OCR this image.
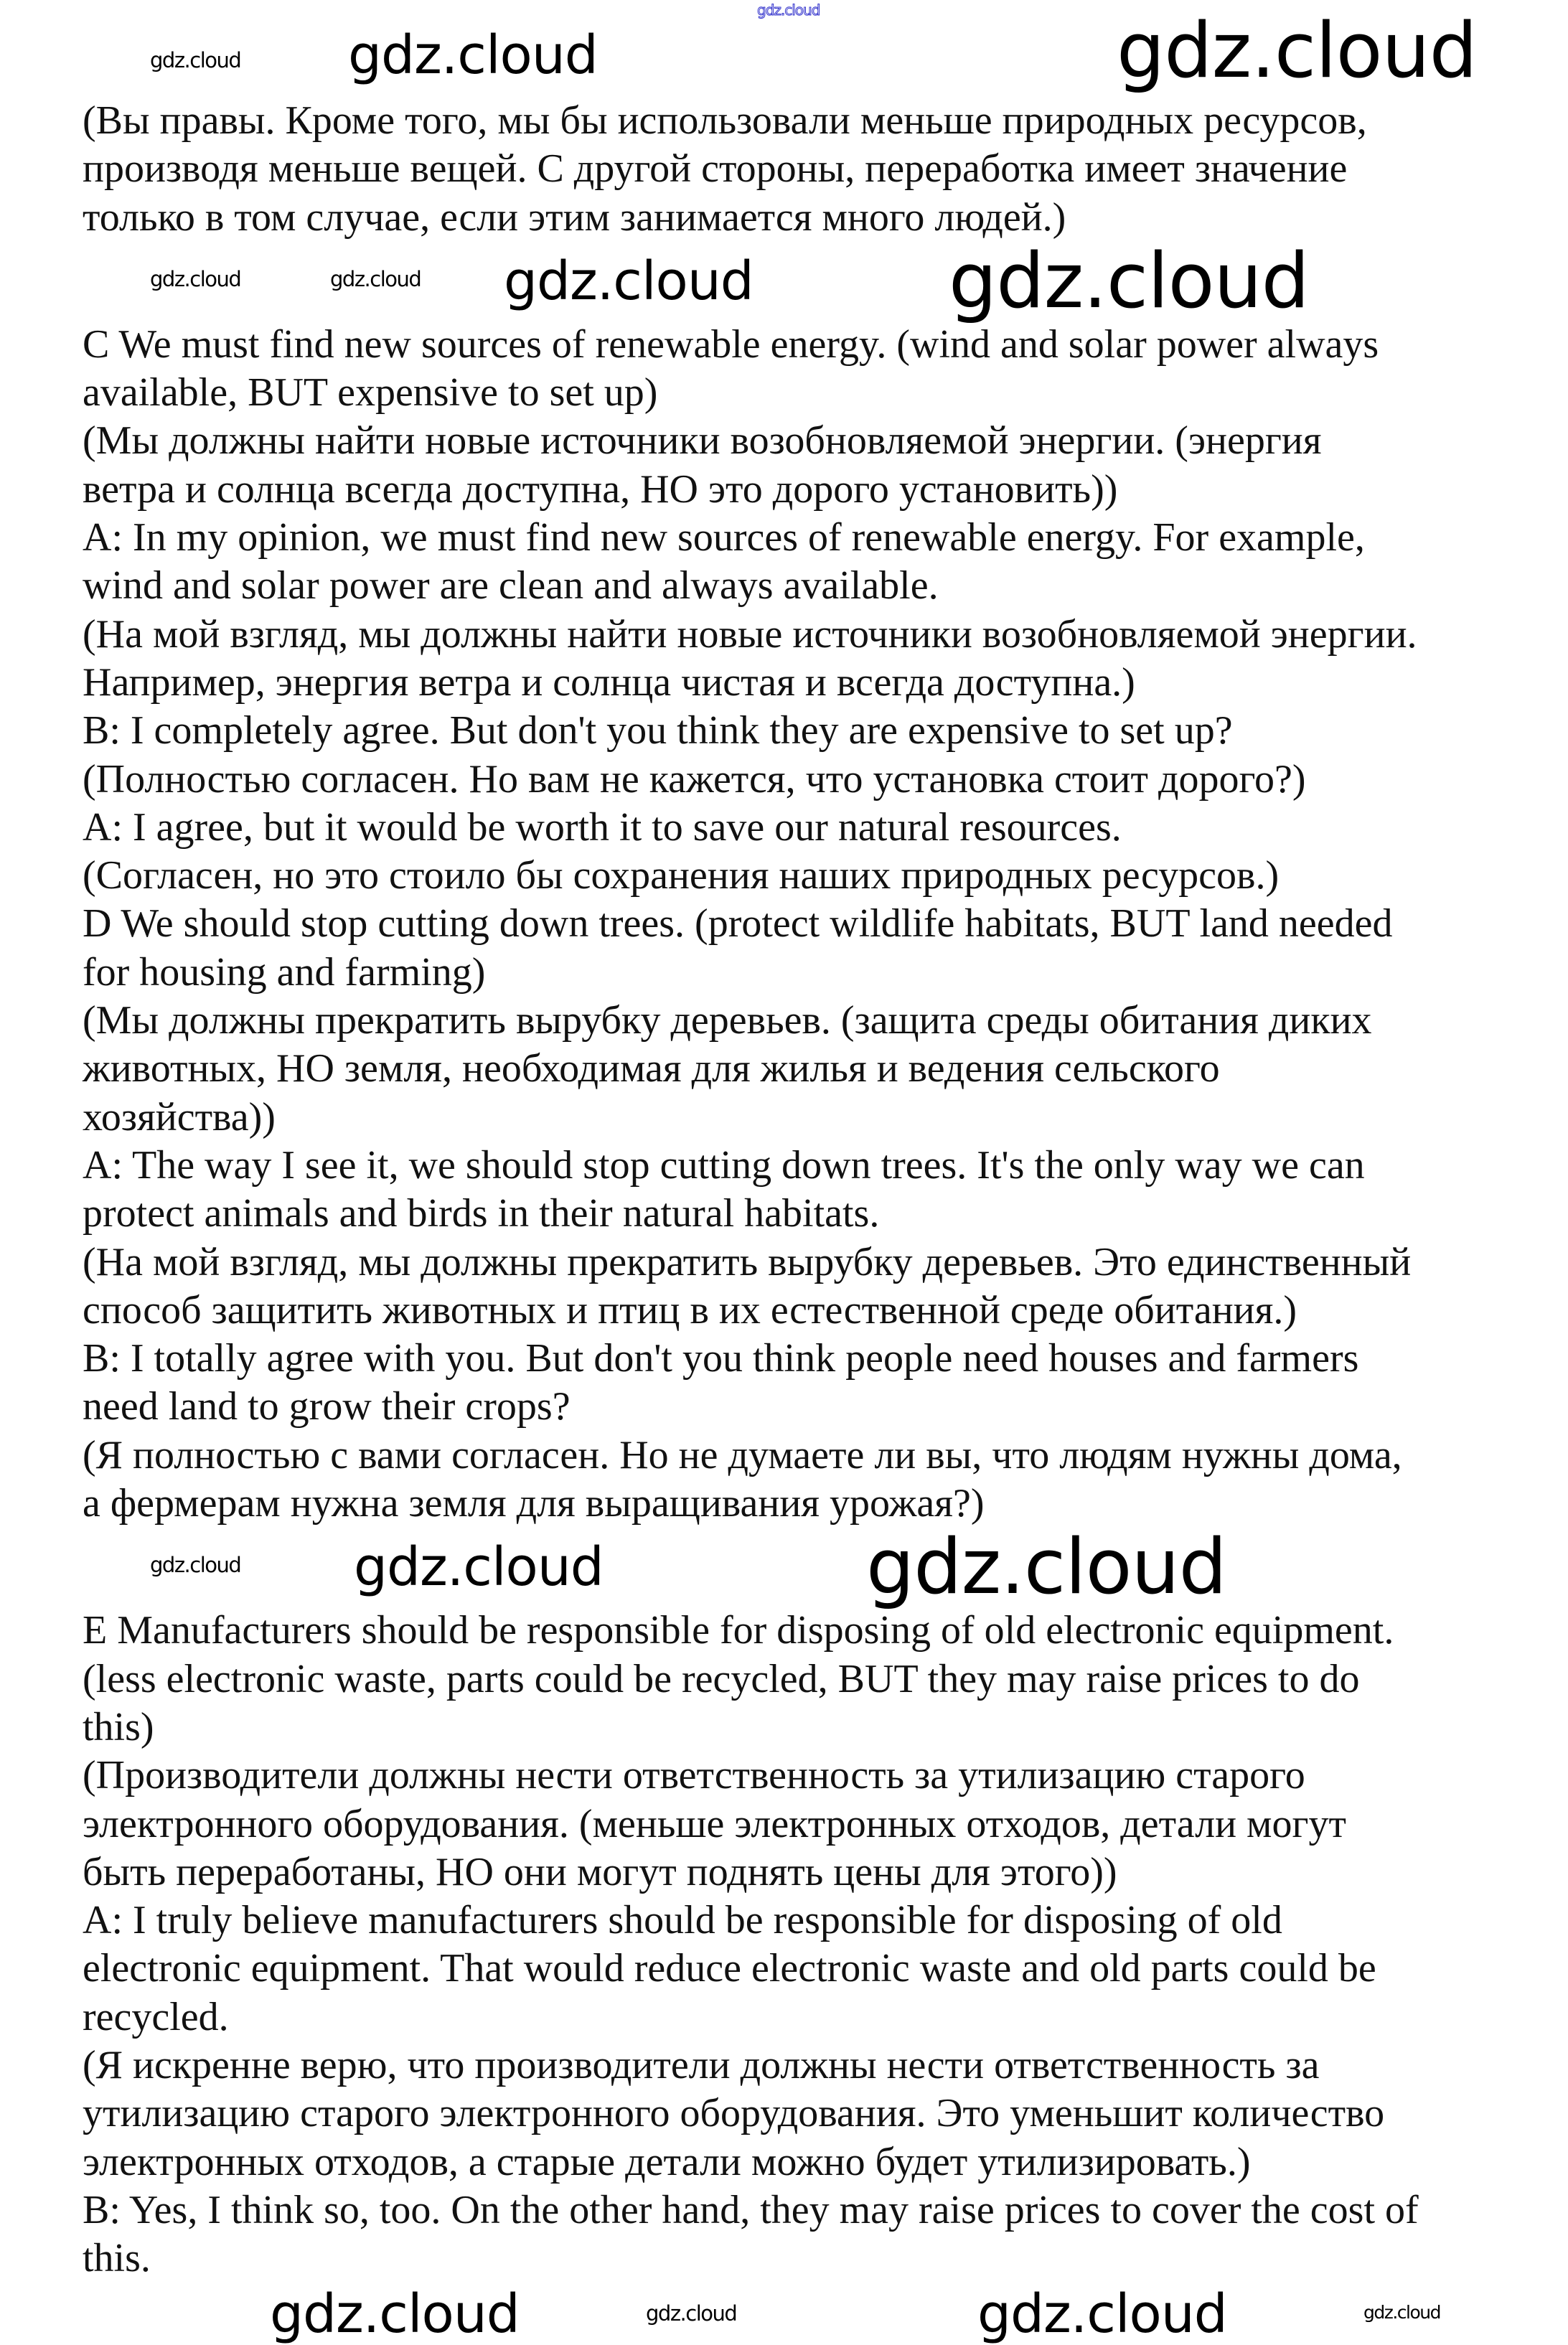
(Вы правы. Кроме того, мы бы использовали меньше природных ресурсов,
производя меньше вещей. С другой стороны, переработка имеет значение
только в том случае, если этим занимается много людей.)
C We must find new sources of renewable energy. (wind and solar power always
available, BUT expensive to set up)
(Мы должны найти новые источники возобновляемой энергии. (энергия
ветра и солнца всегда доступна, НО это дорого установить))
A: In my opinion, we must find new sources of renewable energy. For example,
wind and solar power are clean and always available.
(На мой взгляд, мы должны найти новые источники возобновляемой энергии.
Например, энергия ветра и солнца чистая и всегда доступна.)
B: I completely agree. But don't you think they are expensive to set up?
(Полностью согласен. Но вам не кажется, что установка стоит дорого?)
A: I agree, but it would be worth it to save our natural resources.
(Согласен, но это стоило бы сохранения наших природных ресурсов.)
D We should stop cutting down trees. (protect wildlife habitats, BUT land needed
for housing and farming)
(Мы должны прекратить вырубку деревьев. (защита среды обитания диких
животных, НО земля, необходимая для жилья и ведения сельского
хозяйства))
A: The way I see it, we should stop cutting down trees. It's the only way we can
protect animals and birds in their natural habitats.
(На мой взгляд, мы должны прекратить вырубку деревьев. Это единственный
способ защитить животных и птиц в их естественной среде обитания.)
B: I totally agree with you. But don't you think people need houses and farmers
need land to grow their crops?
(Я полностью с вами согласен. Но не думаете ли вы, что людям нужны дома,
а фермерам нужна земля для выращивания урожая?)
E Manufacturers should be responsible for disposing of old electronic equipment.
(less electronic waste, parts could be recycled, BUT they may raise prices to do
this)
(Производители должны нести ответственность за утилизацию старого
электронного оборудования. (меньше электронных отходов, детали могут
быть переработаны, НО они могут поднять цены для этого))
A: I truly believe manufacturers should be responsible for disposing of old
electronic equipment. That would reduce electronic waste and old parts could be
recycled.
(Я искренне верю, что производители должны нести ответственность за
утилизацию старого электронного оборудования. Это уменьшит количество
электронных отходов, а старые детали можно будет утилизировать.)
B: Yes, I think so, too. On the other hand, they may raise prices to cover the cost of
this.
gdz.cloud	gdz.cloud
gdz.cloud
gdz.cloud
gdz.cloud
gdz.cloud
gdz.cloud	gdz.cloud
gdz.cloud
gdz.cloud
gdz.cloud
gdz.cloud	gdz.cloud	gdz.cloud	gdz.cloud
